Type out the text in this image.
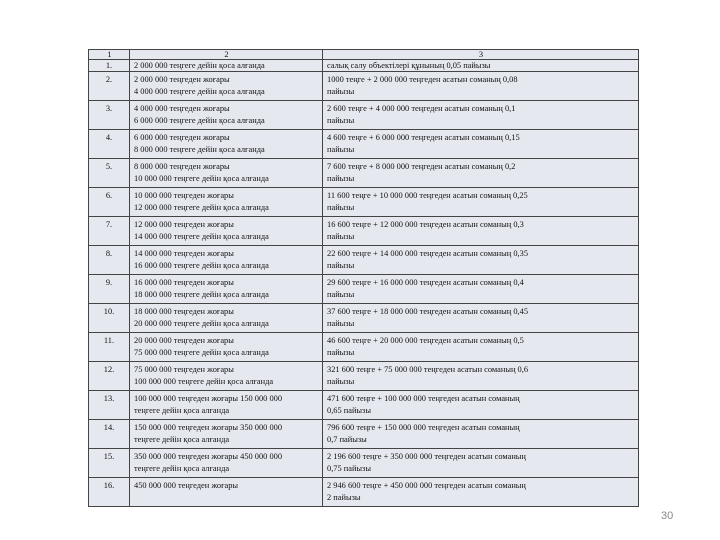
1	2	3
1.	2 000 000 теңгеге дейін қоса алғанда	салық салу объектілері құнының 0,05 пайызы

2.	2 000 000 теңгеден жоғары
4 000 000 теңгеге дейін қоса алғанда	1000 теңге + 2 000 000 теңгеден асатын соманың 0,08
пайызы

3.	4 000 000 теңгеден жоғары
6 000 000 теңгеге дейін қоса алғанда	2 600 теңге + 4 000 000 теңгеден асатын соманың 0,1
пайызы

4.	6 000 000 теңгеден жоғары
8 000 000 теңгеге дейін қоса алғанда	4 600 теңге + 6 000 000 теңгеден асатын соманың 0,15
пайызы

5.	8 000 000 теңгеден жоғары
10 000 000 теңгеге дейін қоса алғанда	7 600 теңге + 8 000 000 теңгеден асатын соманың 0,2
пайызы

6.	10 000 000 теңгеден жоғары
12 000 000 теңгеге дейін қоса алғанда	11 600 теңге + 10 000 000 теңгеден асатын соманың 0,25
пайызы

7.	12 000 000 теңгеден жоғары
14 000 000 теңгеге дейін қоса алғанда	16 600 теңге + 12 000 000 теңгеден асатын соманың 0,3
пайызы

8.	14 000 000 теңгеден жоғары
16 000 000 теңгеге дейін қоса алғанда	22 600 теңге + 14 000 000 теңгеден асатын соманың 0,35
пайызы

9.	16 000 000 теңгеден жоғары
18 000 000 теңгеге дейін қоса алғанда	29 600 теңге + 16 000 000 теңгеден асатын соманың 0,4
пайызы

10.	18 000 000 теңгеден жоғары
20 000 000 теңгеге дейін қоса алғанда	37 600 теңге + 18 000 000 теңгеден асатын соманың 0,45
пайызы

11.	20 000 000 теңгеден жоғары
75 000 000 теңгеге дейін қоса алғанда	46 600 теңге + 20 000 000 теңгеден асатын соманың 0,5
пайызы

12.	75 000 000 теңгеден жоғары
100 000 000 теңгеге дейін қоса алғанда	321 600 теңге + 75 000 000 теңгеден асатын соманың 0,6
пайызы

13.	100 000 000 теңгеден жоғары 150 000 000
теңгеге дейін қоса алғанда	471 600 теңге + 100 000 000 теңгеден асатын соманың
0,65 пайызы

14.	150 000 000 теңгеден жоғары 350 000 000
теңгеге дейін қоса алғанда	796 600 теңге + 150 000 000 теңгеден асатын соманың
0,7 пайызы

15.	350 000 000 теңгеден жоғары 450 000 000
теңгеге дейін қоса алғанда	2 196 600 теңге + 350 000 000 теңгеден асатын соманың
0,75 пайызы

16.	450 000 000 теңгеден жоғары	2 946 600 теңге + 450 000 000 теңгеден асатын соманың
2 пайызы
30
